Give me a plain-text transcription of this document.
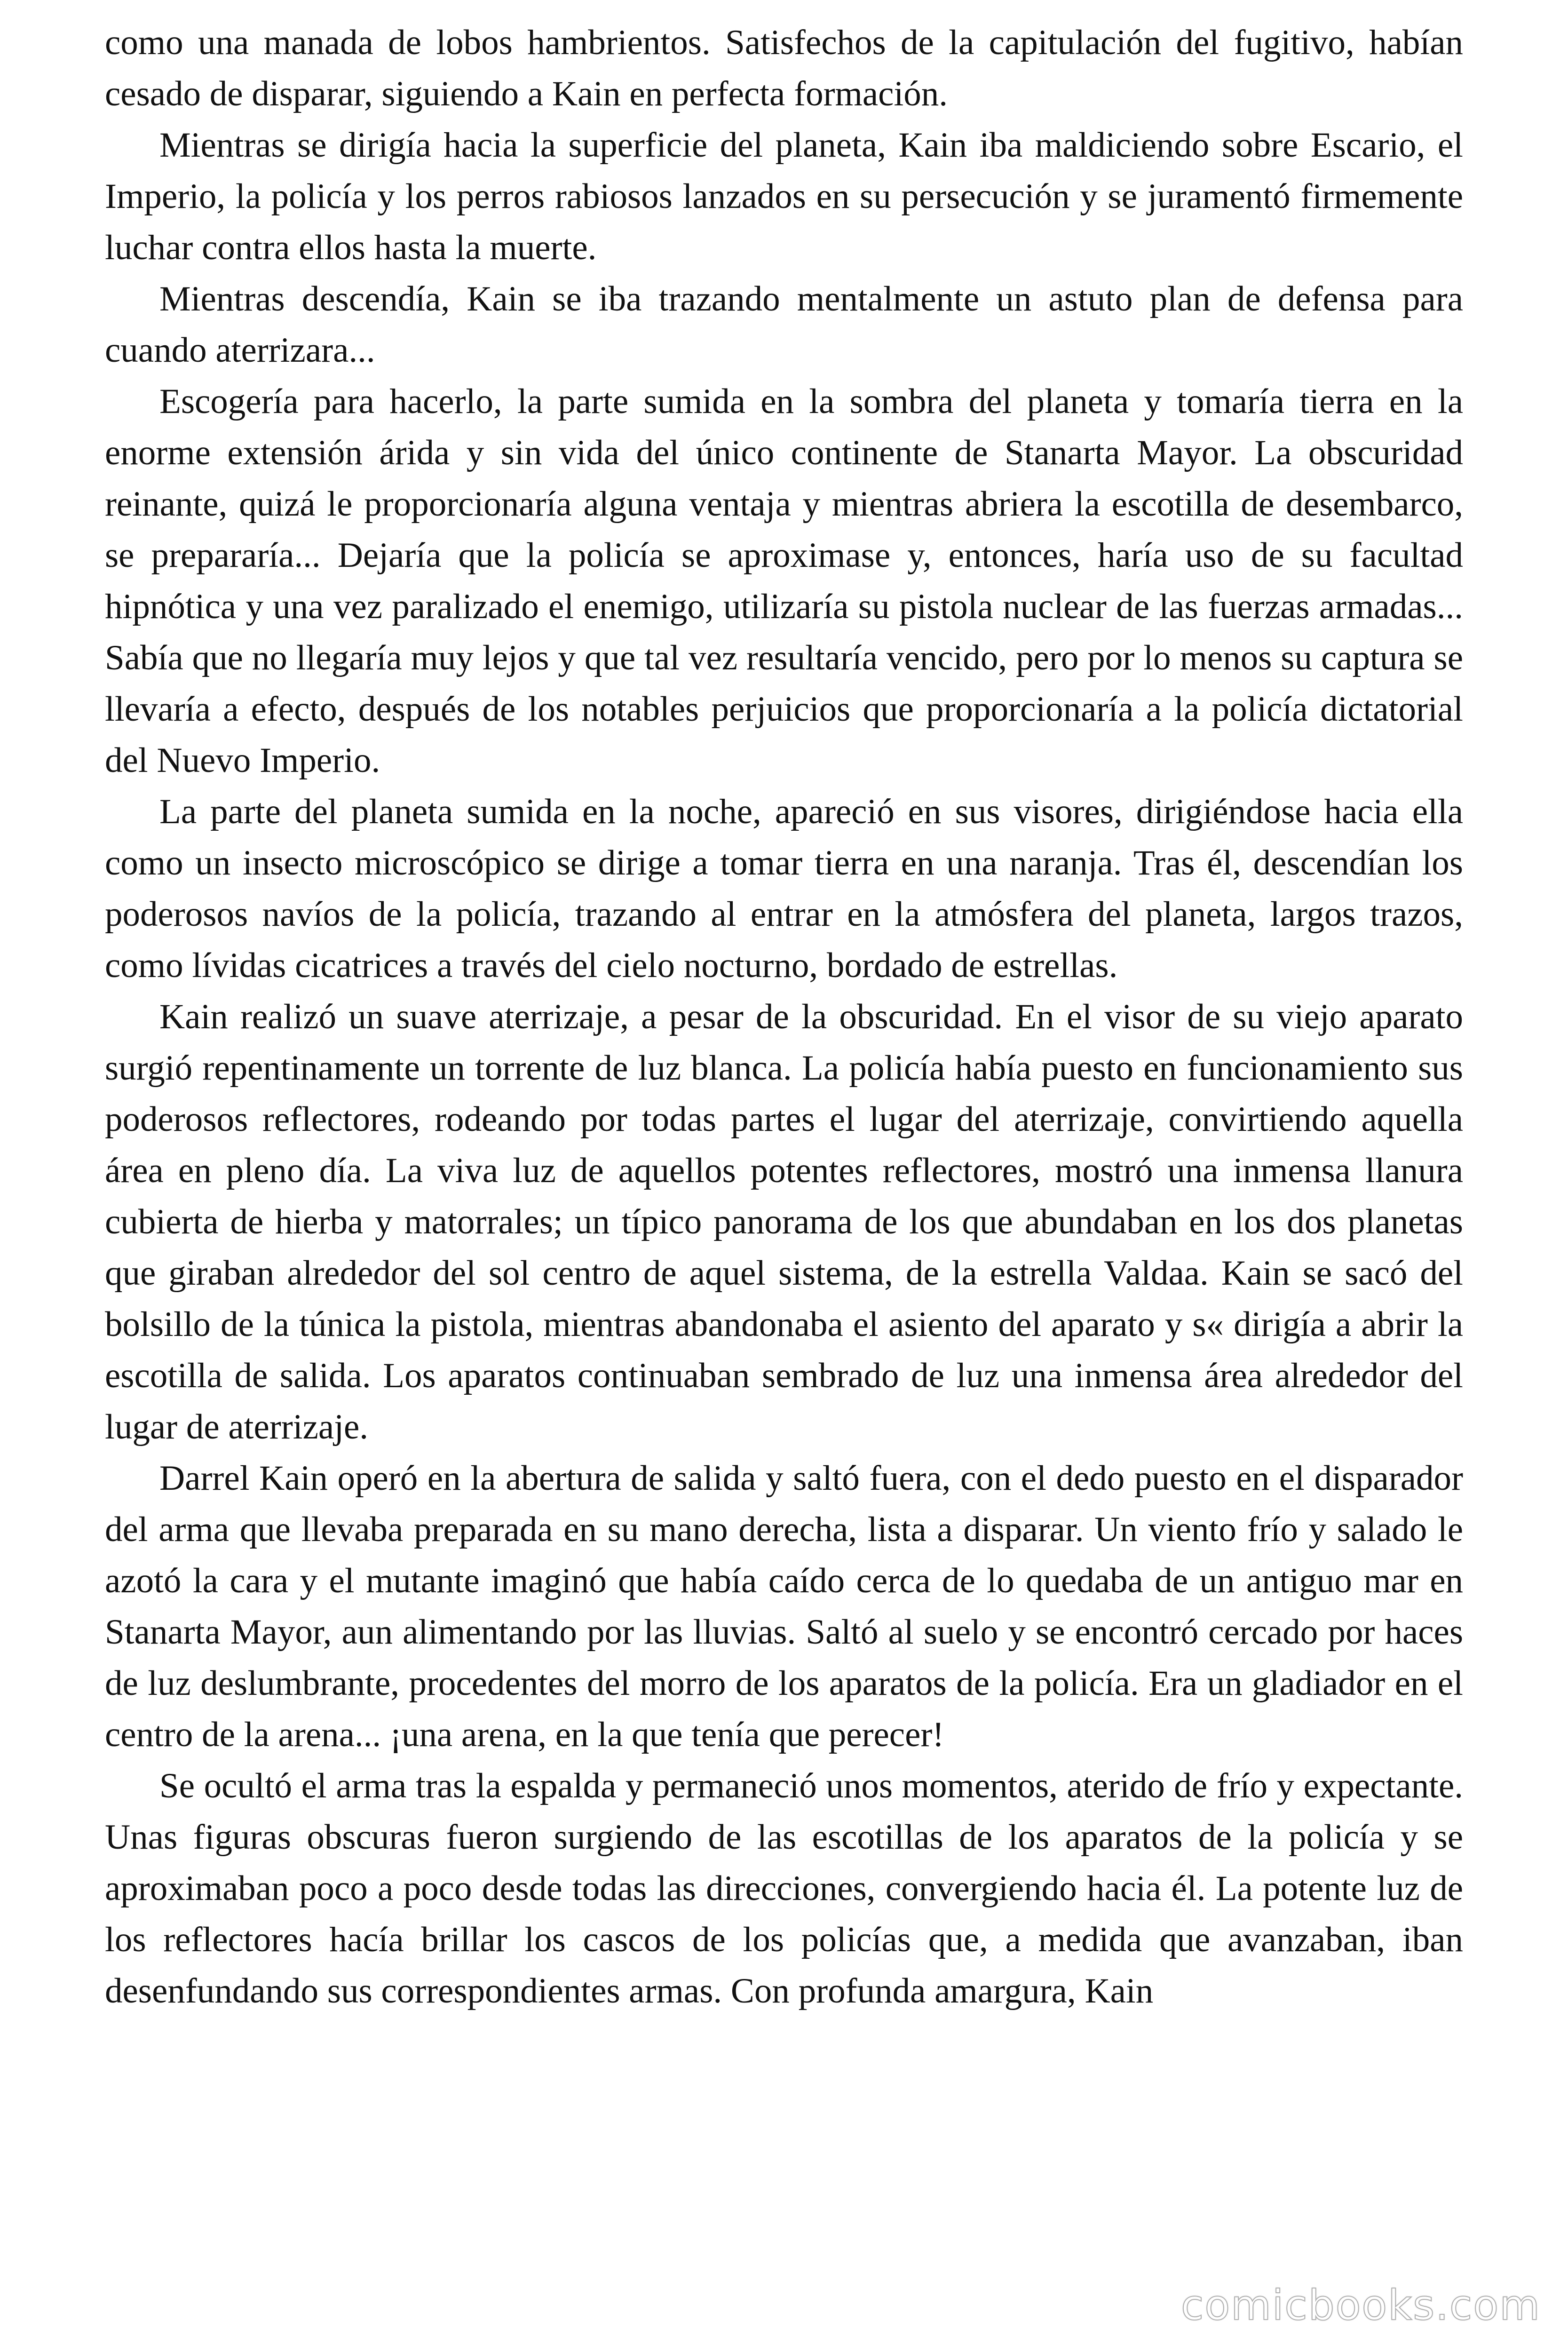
como una manada de lobos hambrientos. Satisfechos de la capitulación del fugitivo, habían cesado de disparar, siguiendo a Kain en perfecta formación.

Mientras se dirigía hacia la superficie del planeta, Kain iba maldiciendo sobre Escario, el Imperio, la policía y los perros rabiosos lanzados en su persecución y se juramentó firmemente luchar contra ellos hasta la muerte.

Mientras descendía, Kain se iba trazando mentalmente un astuto plan de defensa para cuando aterrizara...

Escogería para hacerlo, la parte sumida en la sombra del planeta y tomaría tierra en la enorme extensión árida y sin vida del único continente de Stanarta Mayor. La obscuridad reinante, quizá le proporcionaría alguna ventaja y mientras abriera la escotilla de desembarco, se prepararía... Dejaría que la policía se aproximase y, entonces, haría uso de su facultad hipnótica y una vez paralizado el enemigo, utilizaría su pistola nuclear de las fuerzas armadas... Sabía que no llegaría muy lejos y que tal vez resultaría vencido, pero por lo menos su captura se llevaría a efecto, después de los notables perjuicios que proporcionaría a la policía dictatorial del Nuevo Imperio.

La parte del planeta sumida en la noche, apareció en sus visores, dirigiéndose hacia ella como un insecto microscópico se dirige a tomar tierra en una naranja. Tras él, descendían los poderosos navíos de la policía, trazando al entrar en la atmósfera del planeta, largos trazos, como lívidas cicatrices a través del cielo nocturno, bordado de estrellas.

Kain realizó un suave aterrizaje, a pesar de la obscuridad. En el visor de su viejo aparato surgió repentinamente un torrente de luz blanca. La policía había puesto en funcionamiento sus poderosos reflectores, rodeando por todas partes el lugar del aterrizaje, convirtiendo aquella área en pleno día. La viva luz de aquellos potentes reflectores, mostró una inmensa llanura cubierta de hierba y matorrales; un típico panorama de los que abundaban en los dos planetas que giraban alrededor del sol centro de aquel sistema, de la estrella Valdaa. Kain se sacó del bolsillo de la túnica la pistola, mientras abandonaba el asiento del aparato y s« dirigía a abrir la escotilla de salida. Los aparatos continuaban sembrado de luz una inmensa área alrededor del lugar de aterrizaje.

Darrel Kain operó en la abertura de salida y saltó fuera, con el dedo puesto en el disparador del arma que llevaba preparada en su mano derecha, lista a disparar. Un viento frío y salado le azotó la cara y el mutante imaginó que había caído cerca de lo quedaba de un antiguo mar en Stanarta Mayor, aun alimentando por las lluvias. Saltó al suelo y se encontró cercado por haces de luz deslumbrante, procedentes del morro de los aparatos de la policía. Era un gladiador en el centro de la arena... ¡una arena, en la que tenía que perecer!

Se ocultó el arma tras la espalda y permaneció unos momentos, aterido de frío y expectante. Unas figuras obscuras fueron surgiendo de las escotillas de los aparatos de la policía y se aproximaban poco a poco desde todas las direcciones, convergiendo hacia él. La potente luz de los reflectores hacía brillar los cascos de los policías que, a medida que avanzaban, iban desenfundando sus correspondientes armas. Con profunda amargura, Kain

comicbooks.com
